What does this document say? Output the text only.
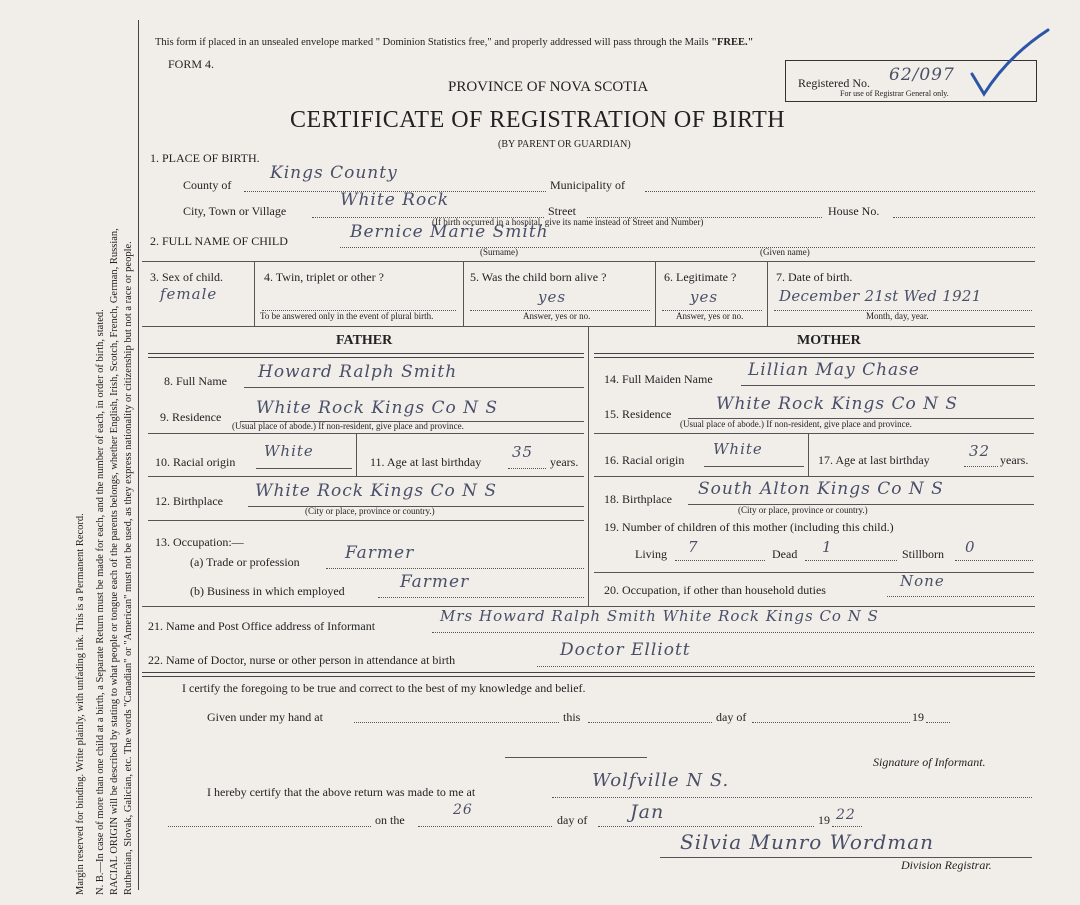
Margin reserved for binding. Write plainly, with unfading ink. This is a Permanent Record. N. B.—In case of more than one child at a birth, a Separate Return must be made for each, and the number of each, in order of birth, stated. RACIAL ORIGIN will be described by stating to what people or tongue each of the parents belongs, whether English, Irish, Scotch, French, German, Russian, Ruthenian, Slovak, Galician, etc. The words "Canadian" or "American" must not be used, as they express nationality or citizenship but not a race or people.
This form if placed in an unsealed envelope marked " Dominion Statistics free," and properly addressed will pass through the Mails "FREE."
FORM 4.
PROVINCE OF NOVA SCOTIA
CERTIFICATE OF REGISTRATION OF BIRTH
(BY PARENT OR GUARDIAN)
Registered No. 62/097
For use of Registrar General only.
1. PLACE OF BIRTH.
County of
Kings County
Municipality of
City, Town or Village
White Rock
Street	House No.
(If birth occurred in a hospital, give its name instead of Street and Number)
2. FULL NAME OF CHILD	Bernice Marie Smith
(Surname)	(Given name)
3. Sex of child.
female
4. Twin, triplet or other ?
To be answered only in the event of plural birth.
5. Was the child born alive ?
yes
Answer, yes or no.
6. Legitimate ?
yes
Answer, yes or no.
7. Date of birth.
December 21st Wed 1921
Month, day, year.
FATHER	MOTHER
8. Full Name Howard Ralph Smith
9. Residence White Rock Kings Co N S
(Usual place of abode.) If non-resident, give place and province.
10. Racial origin
White
11. Age at last birthday
35
years.
12. Birthplace White Rock Kings Co N S
(City or place, province or country.)
13. Occupation:—
(a) Trade or profession	Farmer
(b) Business in which employed	Farmer
14. Full Maiden Name Lillian May Chase
15. Residence	White Rock Kings Co N S
(Usual place of abode.) If non-resident, give place and province.
16. Racial origin
White
17. Age at last birthday	32 years.
18. Birthplace South Alton Kings Co N S
(City or place, province or country.)
19. Number of children of this mother (including this child.)
Living 7	Dead 1	Stillborn 0
20. Occupation, if other than household duties	None
21. Name and Post Office address of Informant
Mrs Howard Ralph Smith White Rock Kings Co N S
22. Name of Doctor, nurse or other person in attendance at birth	Doctor Elliott
I certify the foregoing to be true and correct to the best of my knowledge and belief.
Given under my hand at	this	day of	19
Signature of Informant.
I hereby certify that the above return was made to me at
Wolfville N S.
on the
26
day of Jan	19 22
Silvia Munro Wordman
Division Registrar.
